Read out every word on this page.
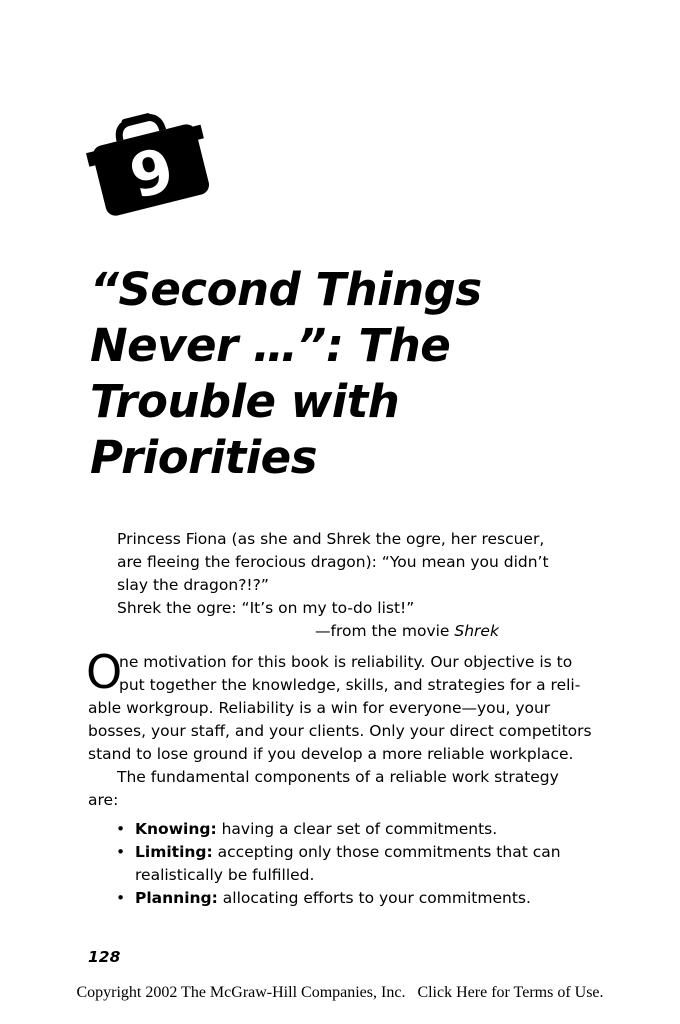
9
“Second Things
Never …”: The
Trouble with
Priorities
Princess Fiona (as she and Shrek the ogre, her rescuer,
are fleeing the ferocious dragon): “You mean you didn’t
slay the dragon?!?”
Shrek the ogre: “It’s on my to-do list!”
—from the movie Shrek
O
ne motivation for this book is reliability. Our objective is to
put together the knowledge, skills, and strategies for a reli-
able workgroup. Reliability is a win for everyone—you, your
bosses, your staff, and your clients. Only your direct competitors
stand to lose ground if you develop a more reliable workplace.
The fundamental components of a reliable work strategy
are:
• Knowing: having a clear set of commitments.
• Limiting: accepting only those commitments that can
realistically be fulfilled.
• Planning: allocating efforts to your commitments.
128
Copyright 2002 The McGraw-Hill Companies, Inc. Click Here for Terms of Use.
